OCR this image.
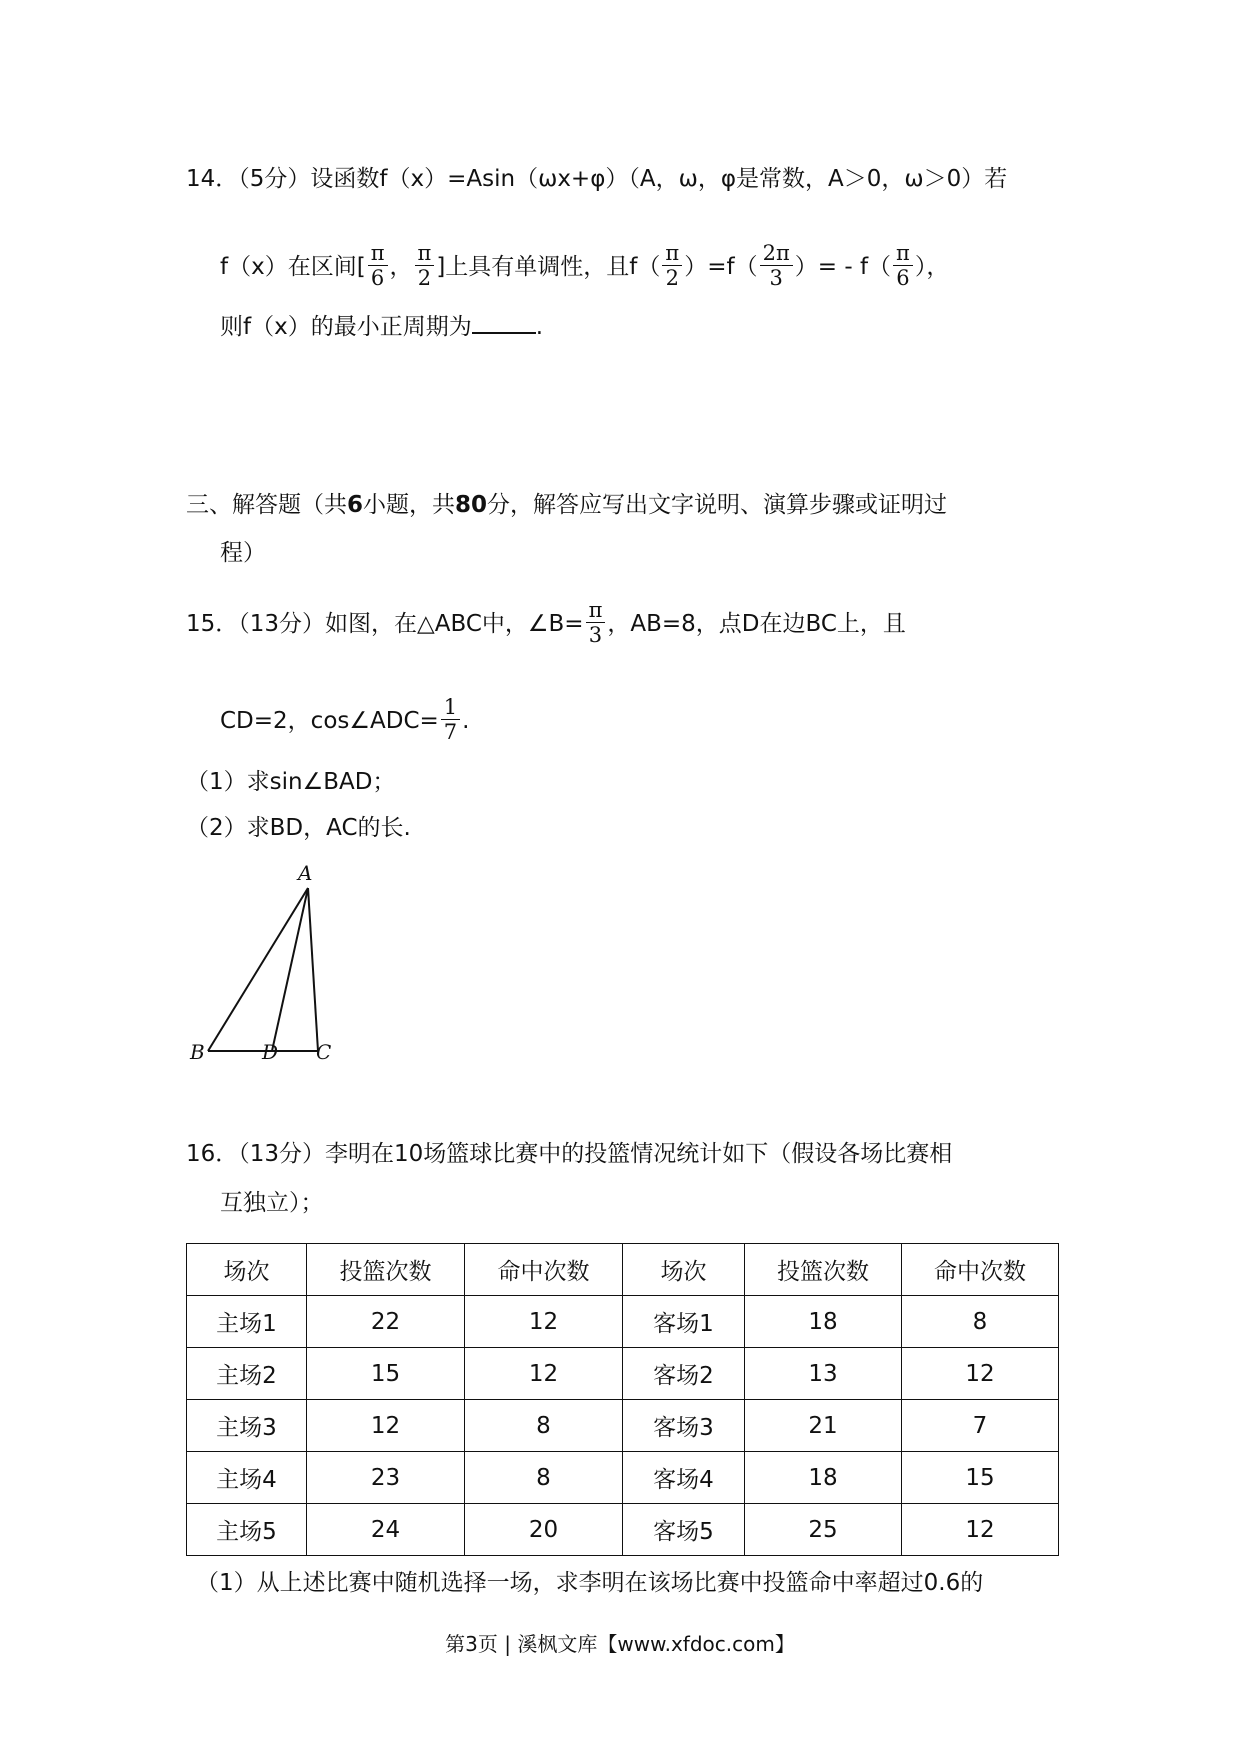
14．（5分）设函数f（x）=Asin（ωx+φ）（A，ω，φ是常数，A＞0，ω＞0）若
f（x）在区间[ $\frac{\pi}{6}$ ， $\frac{\pi}{2}$ ]上具有单调性，且$f( \frac{\pi}{2} )=f( \frac{2\pi}{3}$ ）= - $f( \frac{\pi}{6}$ ），
则f（x）的最小正周期为	.
三、解答题（共6小题，共80分，解答应写出文字说明、演算步骤或证明过
程）
15．（13分）如图，在△ABC中，∠B= $\frac{\pi}{3}$ ，AB=8，点D在边BC上，且
CD=2，cos∠ADC= $\frac{1}{7}$ .
（1）求sin∠BAD；
（2）求BD，AC的长.
A
B	D C
16．（13分）李明在10场篮球比赛中的投篮情况统计如下（假设各场比赛相
互独立）；
场次	投篮次数	命中次数	场次	投篮次数	命中次数
主场1	22	12	客场1	18	8
主场2	15	12	客场2	13	12
主场3	12	8	客场3	21	7
主场4	23	8	客场4	18	15
主场5	24	20	客场5	25	12
（1）从上述比赛中随机选择一场，求李明在该场比赛中投篮命中率超过0.6的
第3页 | 溪枫文库【www.xfdoc.com】
